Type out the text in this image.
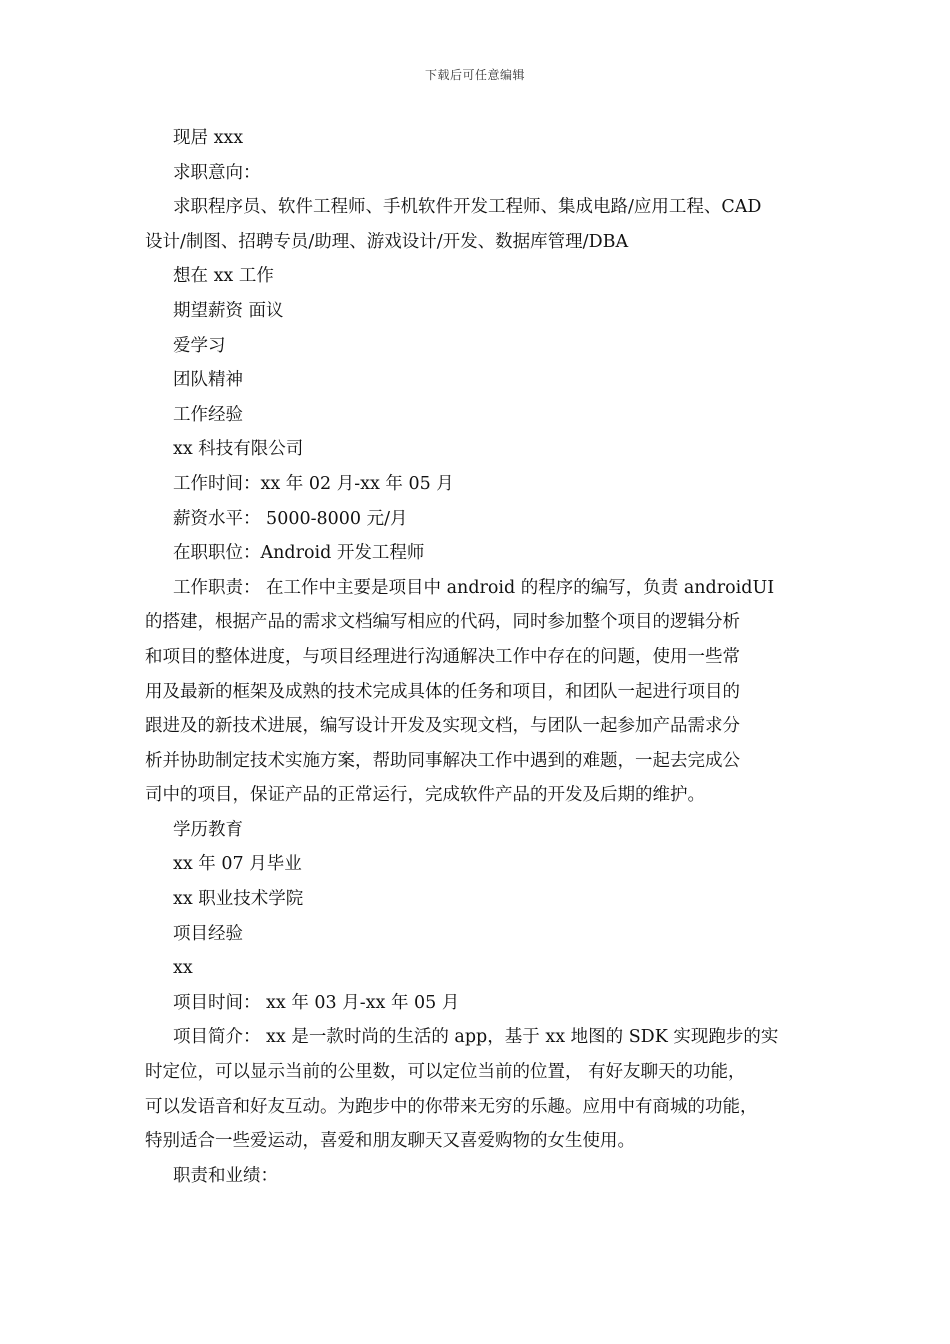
下载后可任意编辑
现居 xxx
求职意向：
求职程序员、软件工程师、手机软件开发工程师、集成电路/应用工程、CAD
设计/制图、招聘专员/助理、游戏设计/开发、数据库管理/DBA
想在 xx 工作
期望薪资 面议
爱学习
团队精神
工作经验
xx 科技有限公司
工作时间：xx 年 02 月-xx 年 05 月
薪资水平： 5000-8000 元/月
在职职位：Android 开发工程师
工作职责： 在工作中主要是项目中 android 的程序的编写，负责 androidUI
的搭建，根据产品的需求文档编写相应的代码，同时参加整个项目的逻辑分析
和项目的整体进度，与项目经理进行沟通解决工作中存在的问题，使用一些常
用及最新的框架及成熟的技术完成具体的任务和项目，和团队一起进行项目的
跟进及的新技术进展，编写设计开发及实现文档，与团队一起参加产品需求分
析并协助制定技术实施方案，帮助同事解决工作中遇到的难题，一起去完成公
司中的项目，保证产品的正常运行，完成软件产品的开发及后期的维护。
学历教育
xx 年 07 月毕业
xx 职业技术学院
项目经验
xx
项目时间： xx 年 03 月-xx 年 05 月
项目简介： xx 是一款时尚的生活的 app，基于 xx 地图的 SDK 实现跑步的实
时定位，可以显示当前的公里数，可以定位当前的位置， 有好友聊天的功能，
可以发语音和好友互动。为跑步中的你带来无穷的乐趣。应用中有商城的功能，
特别适合一些爱运动，喜爱和朋友聊天又喜爱购物的女生使用。
职责和业绩：
